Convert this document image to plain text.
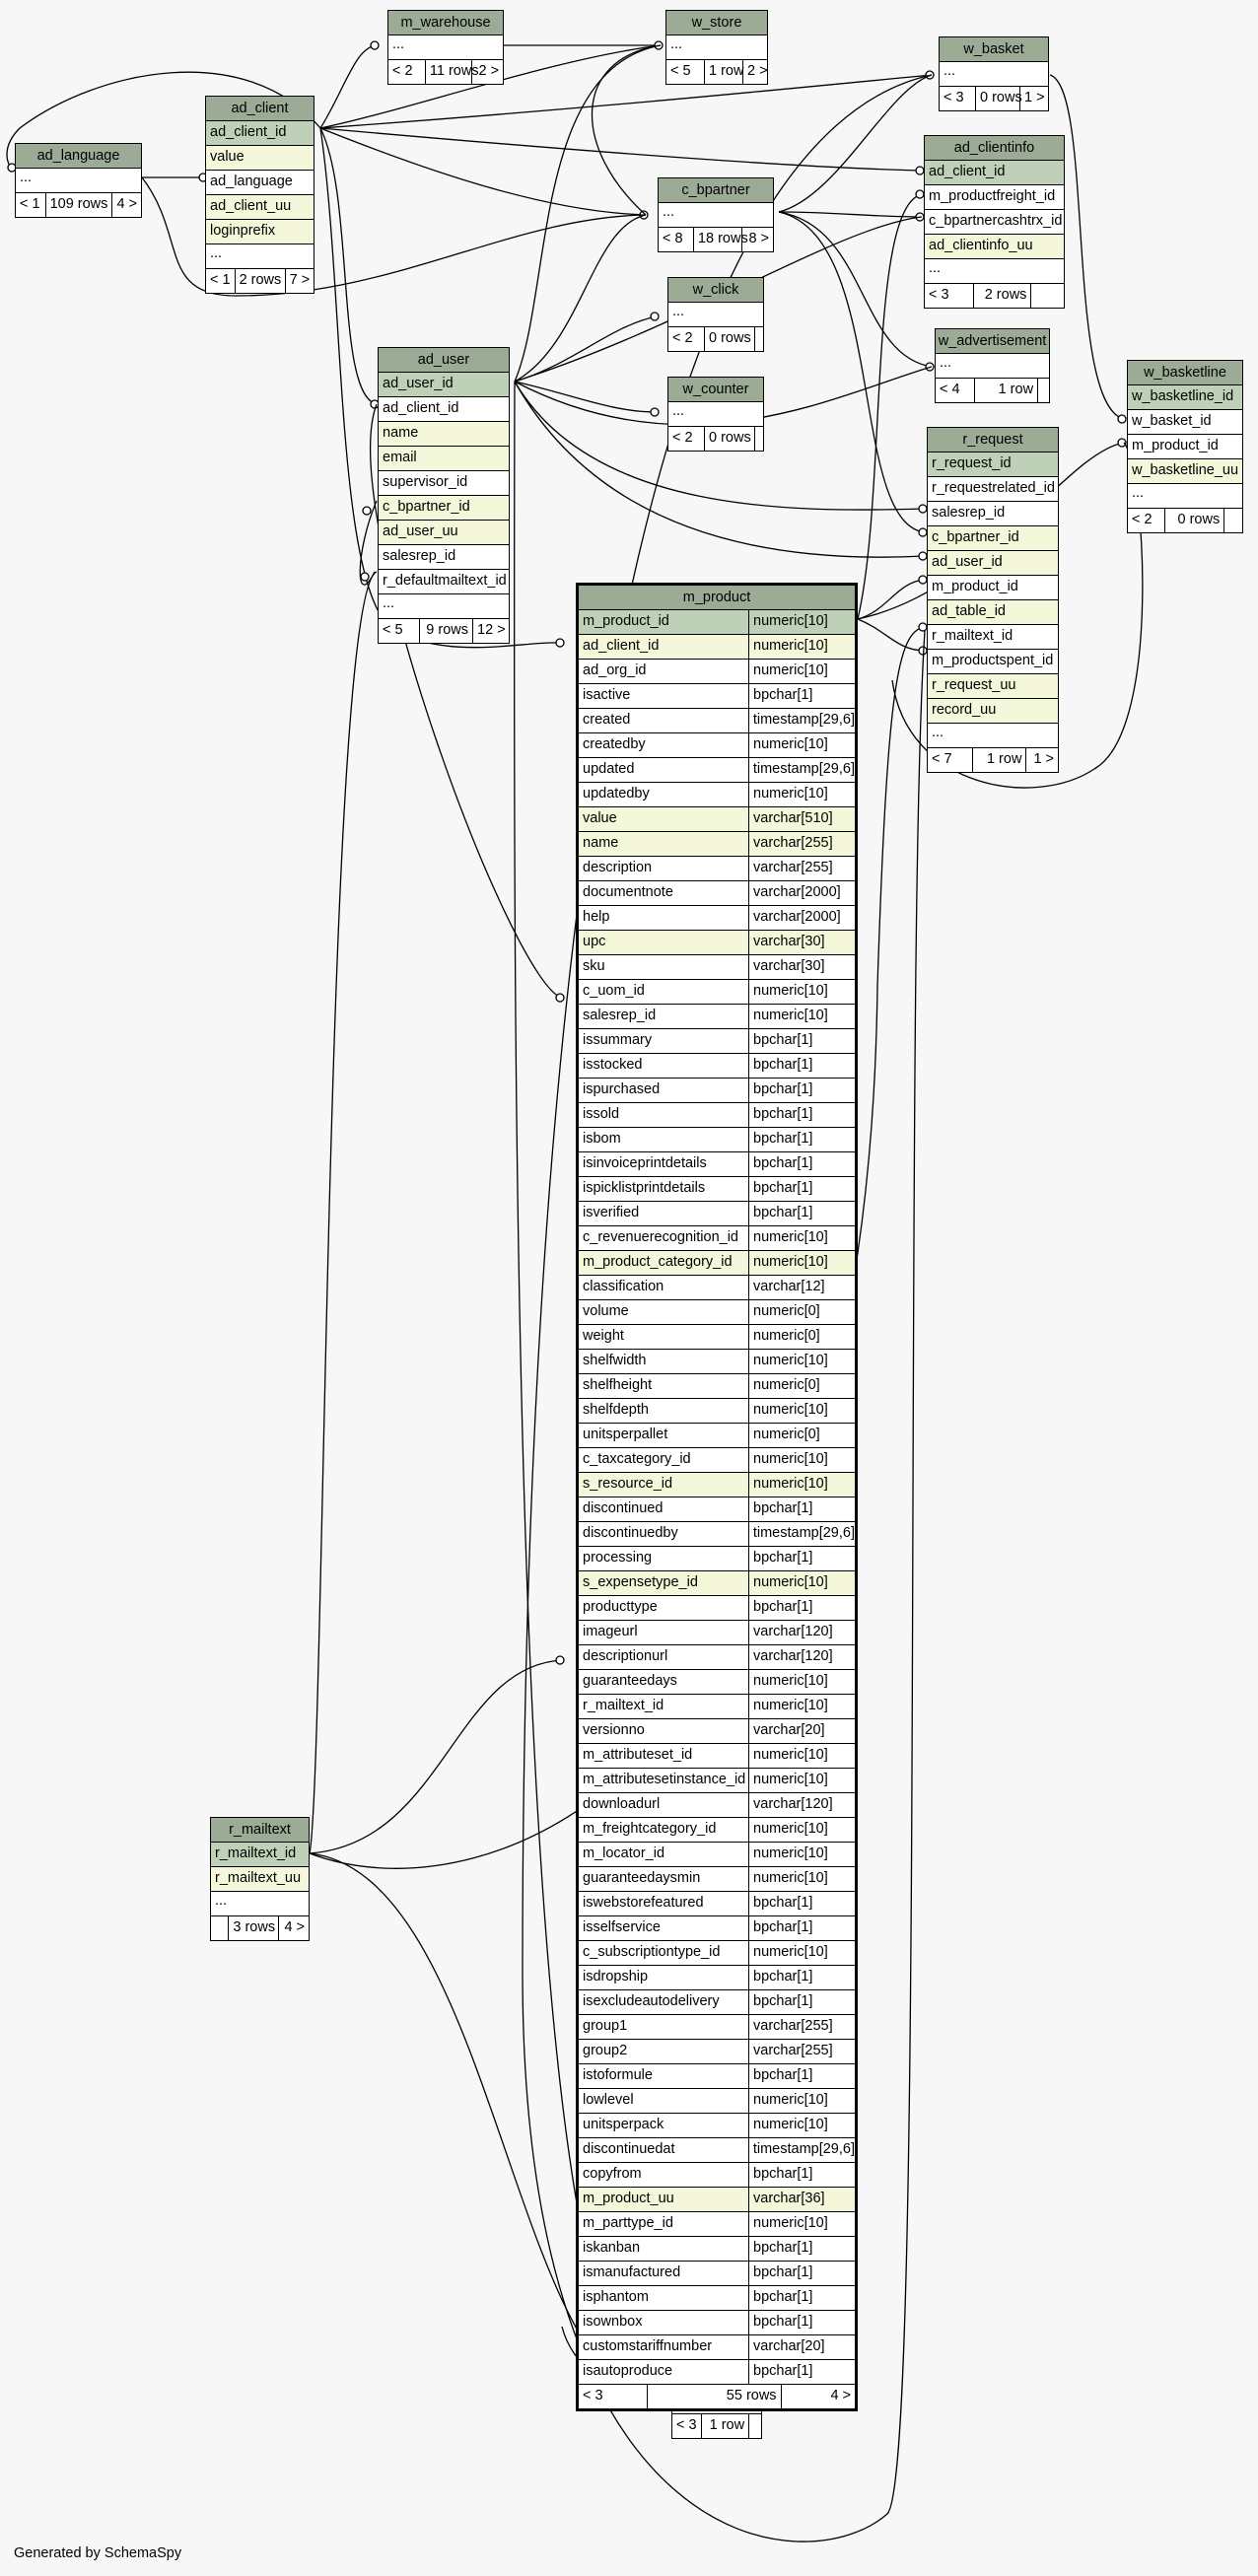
m_warehouse
...
< 2	11 rows 2 >
w_store
...
< 5	1 row 2 >
w_basket
...
< 3	0 rows 1 >
ad_language
...
< 1 109 rows 4 >
ad_client
ad_client_id
value
ad_language
ad_client_uu
loginprefix
...
< 1 2 rows 7 >
ad_clientinfo
ad_client_id
m_productfreight_id
c_bpartnercashtrx_id
ad_clientinfo_uu
...
< 3	2 rows
c_bpartner
...
< 8	18 rows 8 >
w_click
...
< 2	0 rows	w_advertisement
...
< 4	1 row
w_basketline
w_basketline_id
w_basket_id
m_product_id
w_basketline_uu
...
< 2	0 rows
ad_user
ad_user_id
ad_client_id
name
email
supervisor_id
c_bpartner_id
ad_user_uu
salesrep_id
r_defaultmailtext_id
...
< 5	9 rows 12 >
w_counter
...
< 2	0 rows	r_request
r_request_id
r_requestrelated_id
salesrep_id
c_bpartner_id
ad_user_id
m_product_id
ad_table_id
r_mailtext_id
m_productspent_id
r_request_uu
record_uu
...
< 7	1 row 1 >
r_mailtext
r_mailtext_id
r_mailtext_uu
...
3 rows 4 >
< 3 1 row
m_product
m_product_id	numeric[10]
ad_client_id	numeric[10]
ad_org_id	numeric[10]
isactive	bpchar[1]
created	timestamp[29,6]
createdby	numeric[10]
updated	timestamp[29,6]
updatedby	numeric[10]
value	varchar[510]
name	varchar[255]
description	varchar[255]
documentnote	varchar[2000]
help	varchar[2000]
upc	varchar[30]
sku	varchar[30]
c_uom_id	numeric[10]
salesrep_id	numeric[10]
issummary	bpchar[1]
isstocked	bpchar[1]
ispurchased	bpchar[1]
issold	bpchar[1]
isbom	bpchar[1]
isinvoiceprintdetails	bpchar[1]
ispicklistprintdetails	bpchar[1]
isverified	bpchar[1]
c_revenuerecognition_id	numeric[10]
m_product_category_id	numeric[10]
classification	varchar[12]
volume	numeric[0]
weight	numeric[0]
shelfwidth	numeric[10]
shelfheight	numeric[0]
shelfdepth	numeric[10]
unitsperpallet	numeric[0]
c_taxcategory_id	numeric[10]
s_resource_id	numeric[10]
discontinued	bpchar[1]
discontinuedby	timestamp[29,6]
processing	bpchar[1]
s_expensetype_id	numeric[10]
producttype	bpchar[1]
imageurl	varchar[120]
descriptionurl	varchar[120]
guaranteedays	numeric[10]
r_mailtext_id	numeric[10]
versionno	varchar[20]
m_attributeset_id	numeric[10]
m_attributesetinstance_id numeric[10]
downloadurl	varchar[120]
m_freightcategory_id	numeric[10]
m_locator_id	numeric[10]
guaranteedaysmin	numeric[10]
iswebstorefeatured	bpchar[1]
isselfservice	bpchar[1]
c_subscriptiontype_id	numeric[10]
isdropship	bpchar[1]
isexcludeautodelivery	bpchar[1]
group1	varchar[255]
group2	varchar[255]
istoformule	bpchar[1]
lowlevel	numeric[10]
unitsperpack	numeric[10]
discontinuedat	timestamp[29,6]
copyfrom	bpchar[1]
m_product_uu	varchar[36]
m_parttype_id	numeric[10]
iskanban	bpchar[1]
ismanufactured	bpchar[1]
isphantom	bpchar[1]
isownbox	bpchar[1]
customstariffnumber	varchar[20]
isautoproduce	bpchar[1]
< 3	55 rows	4 >
Generated by SchemaSpy
